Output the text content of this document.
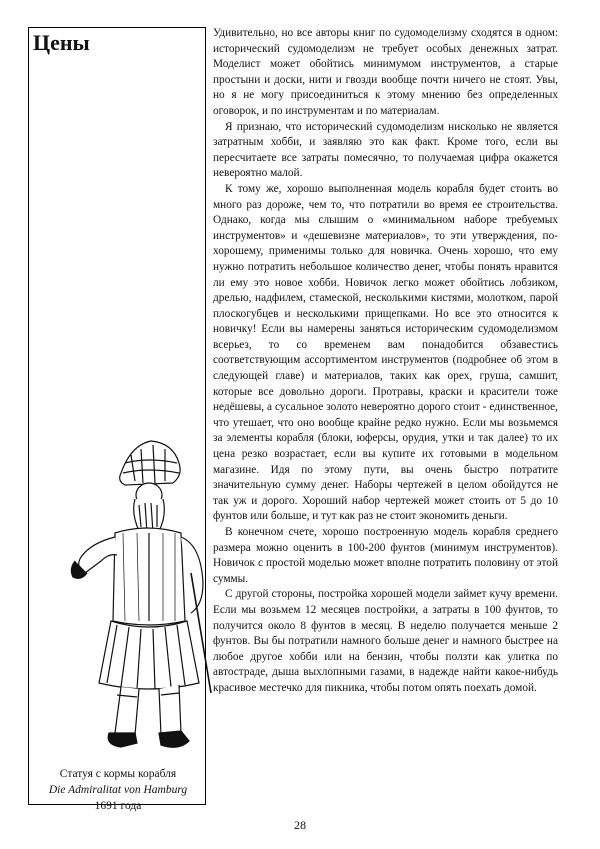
Цены
Статуя с кормы корабля
Die Admiralitat von Hamburg
1691 года

Удивительно, но все авторы книг по судомоделизму сходятся в одном: исторический судомоделизм не требует особых денежных затрат. Моделист может обойтись минимумом инструментов, а старые простыни и доски, нити и гвозди вообще почти ничего не стоят. Увы, но я не могу присоединиться к этому мнению без определенных оговорок, и по инструментам и по материалам.

Я признаю, что исторический судомоделизм нисколько не является затратным хобби, и заявляю это как факт. Кроме того, если вы пересчитаете все затраты помесячно, то получаемая цифра окажется невероятно малой.

К тому же, хорошо выполненная модель корабля будет стоить во много раз дороже, чем то, что потратили во время ее строительства. Однако, когда мы слышим о «минимальном наборе требуемых инструментов» и «дешевизне материалов», то эти утверждения, по-хорошему, применимы только для новичка. Очень хорошо, что ему нужно потратить небольшое количество денег, чтобы понять нравится ли ему это новое хобби. Новичок легко может обойтись лобзиком, дрелью, надфилем, стамеской, несколькими кистями, молотком, парой плоскогубцев и несколькими прищепками. Но все это относится к новичку! Если вы намерены заняться историческим судомоделизмом всерьез, то со временем вам понадобится обзавестись соответствующим ассортиментом инструментов (подробнее об этом в следующей главе) и материалов, таких как орех, груша, самшит, которые все довольно дороги. Протравы, краски и красители тоже недёшевы, а сусальное золото невероятно дорого стоит - единственное, что утешает, что оно вообще крайне редко нужно. Если мы возьмемся за элементы корабля (блоки, юферсы, орудия, утки и так далее) то их цена резко возрастает, если вы купите их готовыми в модельном магазине. Идя по этому пути, вы очень быстро потратите значительную сумму денег. Наборы чертежей в целом обойдутся не так уж и дорого. Хороший набор чертежей может стоить от 5 до 10 фунтов или больше, и тут как раз не стоит экономить деньги.

В конечном счете, хорошо построенную модель корабля среднего размера можно оценить в 100-200 фунтов (минимум инструментов). Новичок с простой моделью может вполне потратить половину от этой суммы.

С другой стороны, постройка хорошей модели займет кучу времени. Если мы возьмем 12 месяцев постройки, а затраты в 100 фунтов, то получится около 8 фунтов в месяц. В неделю получается меньше 2 фунтов. Вы бы потратили намного больше денег и намного быстрее на любое другое хобби или на бензин, чтобы ползти как улитка по автостраде, дыша выхлопными газами, в надежде найти какое-нибудь красивое местечко для пикника, чтобы потом опять поехать домой.

28
